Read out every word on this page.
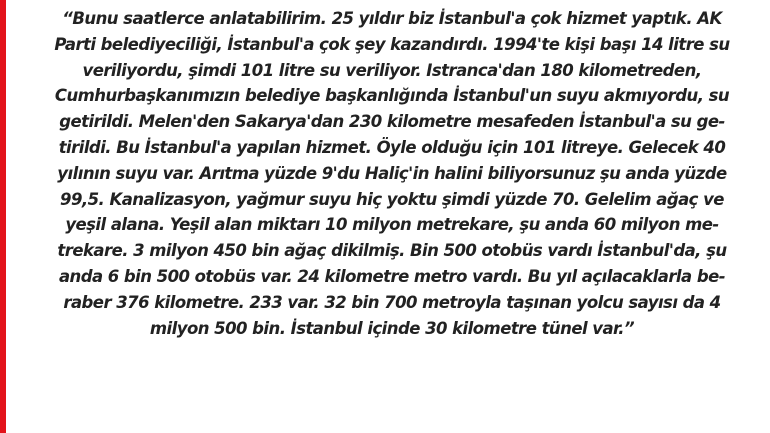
“Bunu saatlerce anlatabilirim. 25 yıldır biz İstanbul'a çok hizmet yaptık. AK
Parti belediyeciliği, İstanbul'a çok şey kazandırdı. 1994'te kişi başı 14 litre su
veriliyordu, şimdi 101 litre su veriliyor. Istranca'dan 180 kilometreden,
Cumhurbaşkanımızın belediye başkanlığında İstanbul'un suyu akmıyordu, su
getirildi. Melen'den Sakarya'dan 230 kilometre mesafeden İstanbul'a su ge-
tirildi. Bu İstanbul'a yapılan hizmet. Öyle olduğu için 101 litreye. Gelecek 40
yılının suyu var. Arıtma yüzde 9'du Haliç'in halini biliyorsunuz şu anda yüzde
99,5. Kanalizasyon, yağmur suyu hiç yoktu şimdi yüzde 70. Gelelim ağaç ve
yeşil alana. Yeşil alan miktarı 10 milyon metrekare, şu anda 60 milyon me-
trekare. 3 milyon 450 bin ağaç dikilmiş. Bin 500 otobüs vardı İstanbul'da, şu
anda 6 bin 500 otobüs var. 24 kilometre metro vardı. Bu yıl açılacaklarla be-
raber 376 kilometre. 233 var. 32 bin 700 metroyla taşınan yolcu sayısı da 4
milyon 500 bin. İstanbul içinde 30 kilometre tünel var.”
